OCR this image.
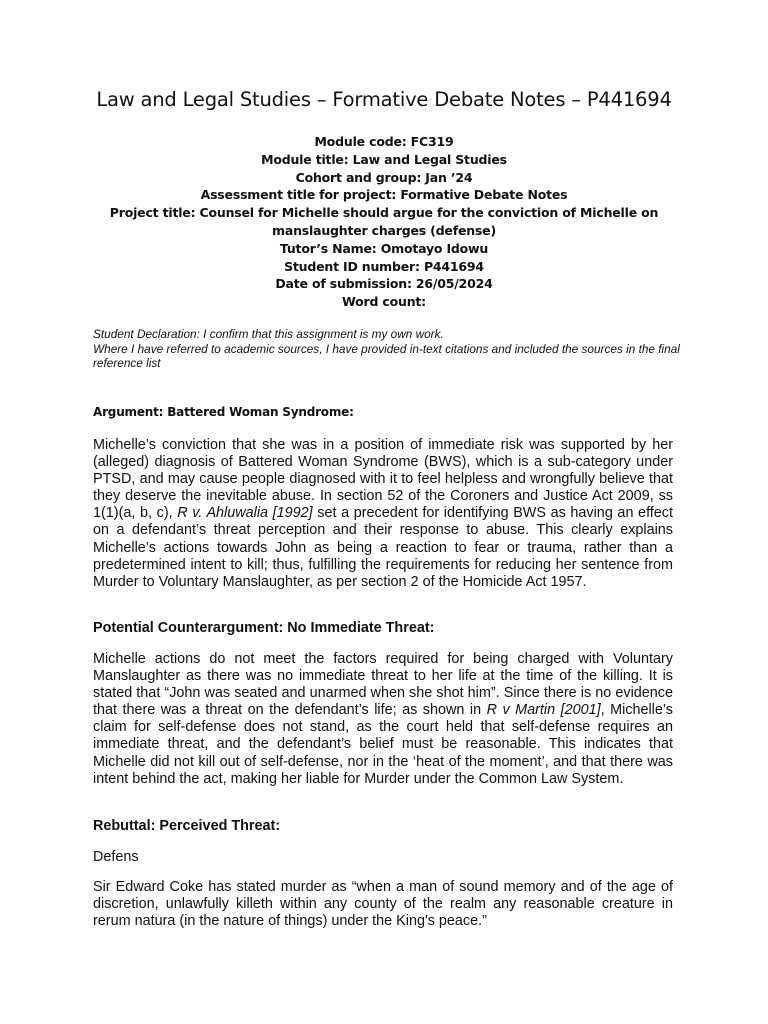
Law and Legal Studies – Formative Debate Notes – P441694
Module code: FC319
Module title: Law and Legal Studies
Cohort and group: Jan ’24
Assessment title for project: Formative Debate Notes
Project title: Counsel for Michelle should argue for the conviction of Michelle on
manslaughter charges (defense)
Tutor’s Name: Omotayo Idowu
Student ID number: P441694
Date of submission: 26/05/2024
Word count:
Student Declaration: I confirm that this assignment is my own work.
Where I have referred to academic sources, I have provided in-text citations and included the sources in the final reference list
Argument: Battered Woman Syndrome:

Michelle’s conviction that she was in a position of immediate risk was supported by her (alleged) diagnosis of Battered Woman Syndrome (BWS), which is a sub-category under PTSD, and may cause people diagnosed with it to feel helpless and wrongfully believe that they deserve the inevitable abuse. In section 52 of the Coroners and Justice Act 2009, ss 1(1)(a, b, c), R v. Ahluwalia [1992] set a precedent for identifying BWS as having an effect on a defendant’s threat perception and their response to abuse. This clearly explains Michelle’s actions towards John as being a reaction to fear or trauma, rather than a predetermined intent to kill; thus, fulfilling the requirements for reducing her sentence from Murder to Voluntary Manslaughter, as per section 2 of the Homicide Act 1957.

Potential Counterargument: No Immediate Threat:

Michelle actions do not meet the factors required for being charged with Voluntary Manslaughter as there was no immediate threat to her life at the time of the killing. It is stated that “John was seated and unarmed when she shot him”. Since there is no evidence that there was a threat on the defendant’s life; as shown in R v Martin [2001], Michelle’s claim for self-defense does not stand, as the court held that self-defense requires an immediate threat, and the defendant’s belief must be reasonable. This indicates that Michelle did not kill out of self-defense, nor in the ‘heat of the moment’, and that there was intent behind the act, making her liable for Murder under the Common Law System.

Rebuttal: Perceived Threat:

Defens

Sir Edward Coke has stated murder as “when a man of sound memory and of the age of discretion, unlawfully killeth within any county of the realm any reasonable creature in rerum natura (in the nature of things) under the King's peace.”
